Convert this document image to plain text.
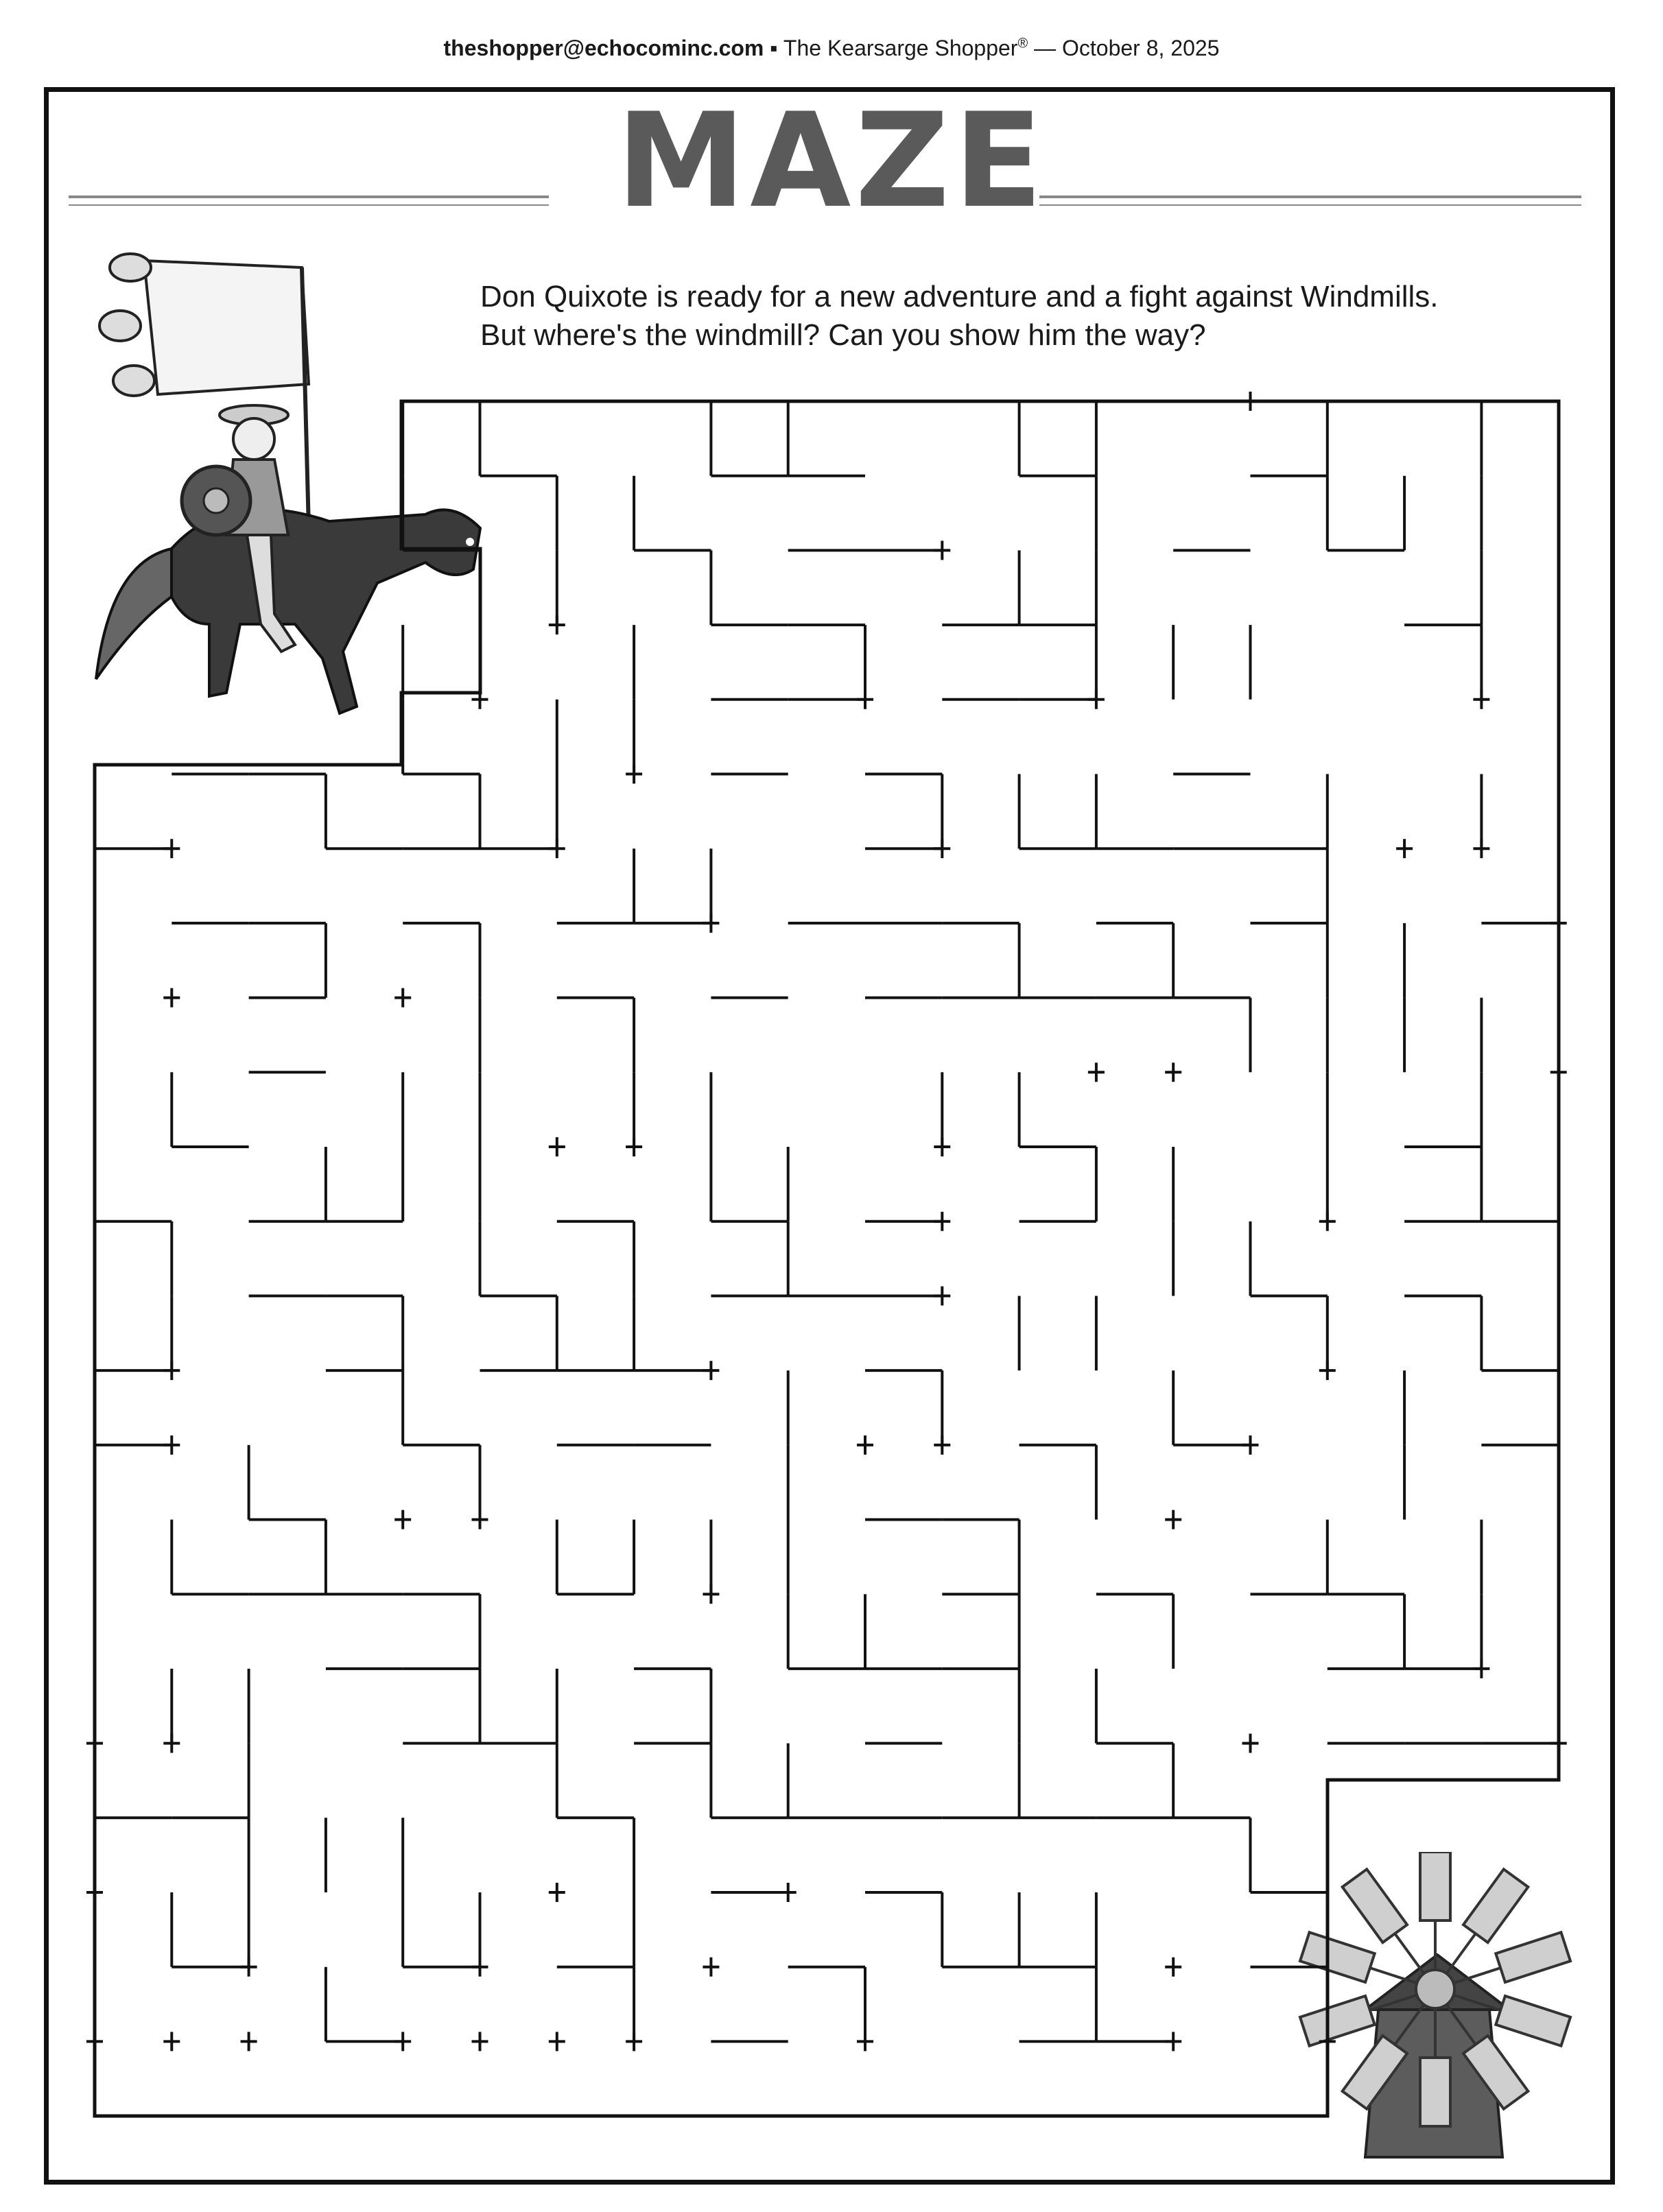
theshopper@echocominc.com ▪ The Kearsarge Shopper® — October 8, 2025
MAZE
Don Quixote is ready for a new adventure and a fight against Windmills.
But where's the windmill? Can you show him the way?
